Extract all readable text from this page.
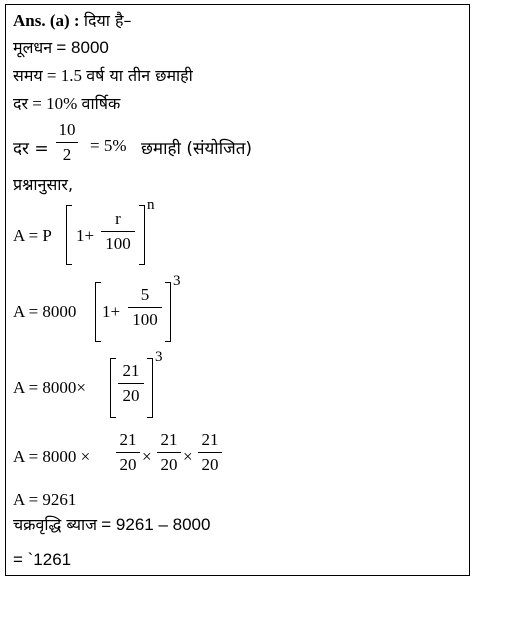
Ans. (a) : दिया है–
मूलधन = 8000
समय = 1.5 वर्ष या तीन छमाही
दर = 10% वार्षिक
दर =
10
2	= 5% छमाही (संयोजित)
प्रश्नानुसार,
A = P 1+
r
100
n
A = 8000 1+
5
100
3
A = 8000×
21
20
3
A = 8000 ×
21
20 ×
21
20 ×
21
20
A = 9261
चक्रवृद्धि ब्याज = 9261 – 8000
= `1261
